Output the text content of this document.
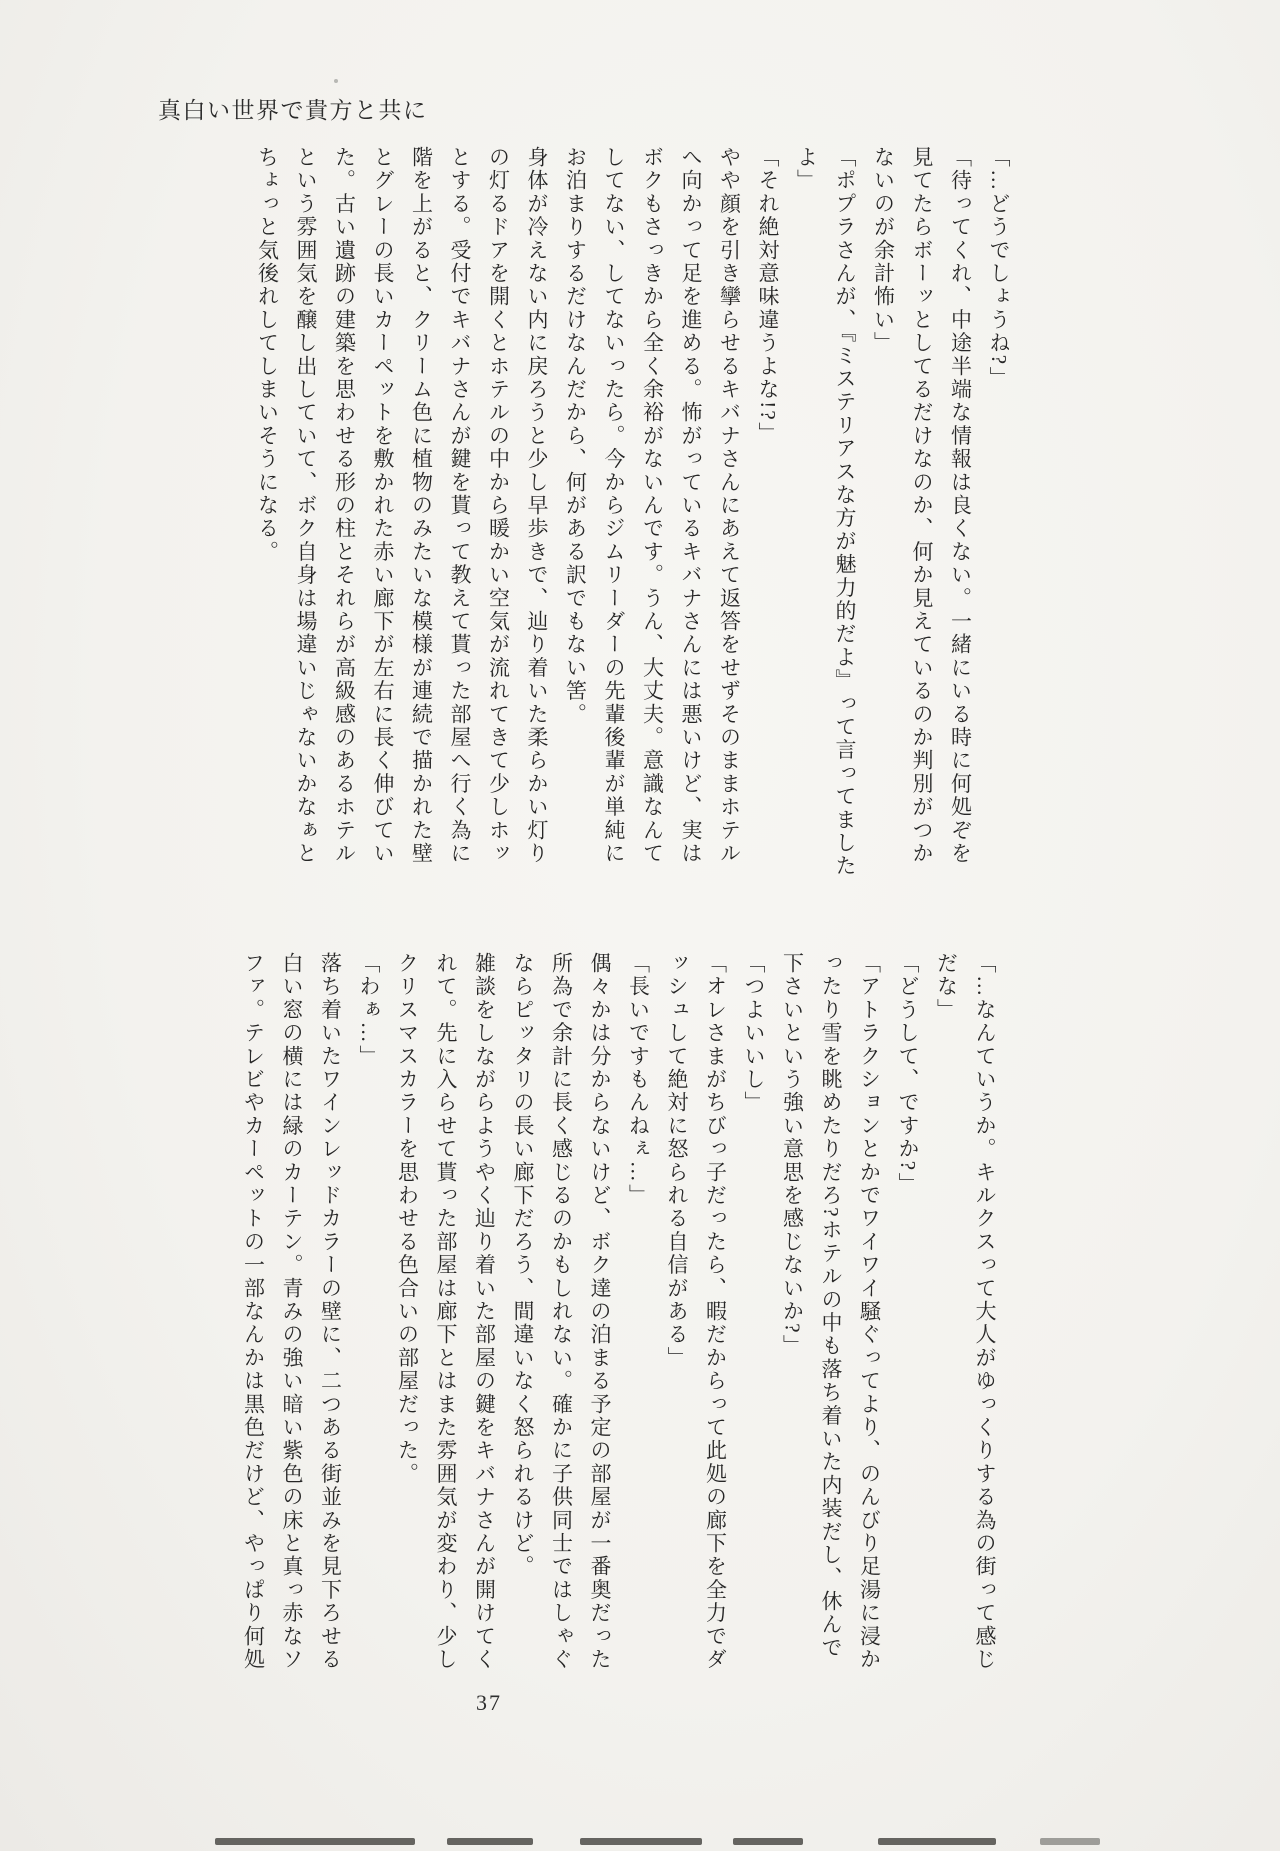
真白い世界で貴方と共に
「…どうでしょうね?」
「待ってくれ、中途半端な情報は良くない。一緒にいる時に何処ぞを
見てたらボーッとしてるだけなのか、何か見えているのか判別がつか
ないのが余計怖い」
「ポプラさんが、『ミステリアスな方が魅力的だよ』って言ってました
よ」
「それ絶対意味違うよな!?」
やや顔を引き攣らせるキバナさんにあえて返答をせずそのままホテル
へ向かって足を進める。怖がっているキバナさんには悪いけど、実は
ボクもさっきから全く余裕がないんです。うん、大丈夫。意識なんて
してない、してないったら。今からジムリーダーの先輩後輩が単純に
お泊まりするだけなんだから、何がある訳でもない筈。
身体が冷えない内に戻ろうと少し早歩きで、辿り着いた柔らかい灯り
の灯るドアを開くとホテルの中から暖かい空気が流れてきて少しホッ
とする。受付でキバナさんが鍵を貰って教えて貰った部屋へ行く為に
階を上がると、クリーム色に植物のみたいな模様が連続で描かれた壁
とグレーの長いカーペットを敷かれた赤い廊下が左右に長く伸びてい
た。古い遺跡の建築を思わせる形の柱とそれらが高級感のあるホテル
という雰囲気を醸し出していて、ボク自身は場違いじゃないかなぁと
ちょっと気後れしてしまいそうになる。
「…なんていうか。キルクスって大人がゆっくりする為の街って感じ
だな」
「どうして、ですか?」
「アトラクションとかでワイワイ騒ぐってより、のんびり足湯に浸か
ったり雪を眺めたりだろ?ホテルの中も落ち着いた内装だし、休んで
下さいという強い意思を感じないか?」
「つよいいし」
「オレさまがちびっ子だったら、暇だからって此処の廊下を全力でダ
ッシュして絶対に怒られる自信がある」
「長いですもんねぇ…」
偶々かは分からないけど、ボク達の泊まる予定の部屋が一番奥だった
所為で余計に長く感じるのかもしれない。確かに子供同士ではしゃぐ
ならピッタリの長い廊下だろう、間違いなく怒られるけど。
雑談をしながらようやく辿り着いた部屋の鍵をキバナさんが開けてく
れて。先に入らせて貰った部屋は廊下とはまた雰囲気が変わり、少し
クリスマスカラーを思わせる色合いの部屋だった。
「わぁ…」
落ち着いたワインレッドカラーの壁に、二つある街並みを見下ろせる
白い窓の横には緑のカーテン。青みの強い暗い紫色の床と真っ赤なソ
ファ。テレビやカーペットの一部なんかは黒色だけど、やっぱり何処
37
